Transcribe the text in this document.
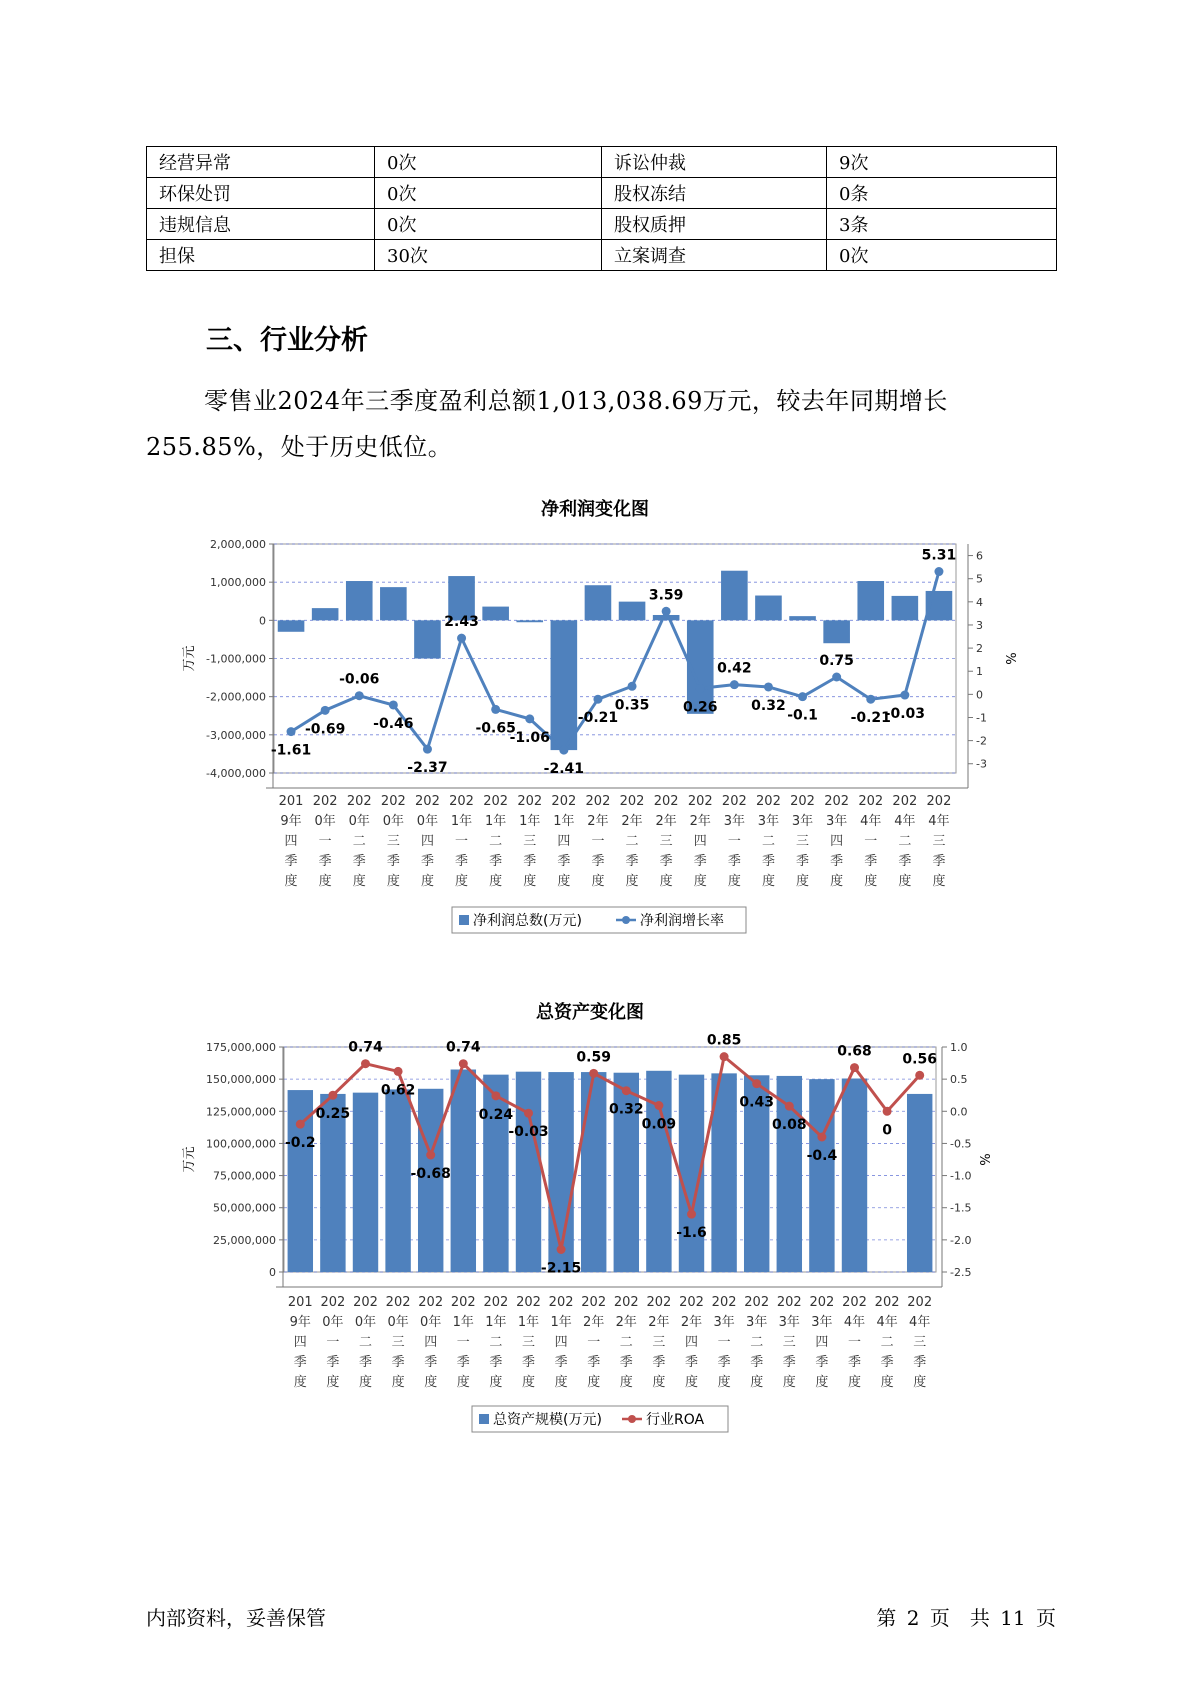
经营异常	0次	诉讼仲裁	9次
环保处罚	0次	股权冻结	0条
违规信息	0次	股权质押	3条
担保	30次	立案调查	0次
三、行业分析

零售业2024年三季度盈利总额1,013,038.69万元，较去年同期增长255.85%，处于历史低位。

净利润变化图
2,000,000
1,000,000
0
-1,000,000
-2,000,000
-3,000,000
-4,000,000
6
5
4
3
2
1
0
-1
-2
-3
万元	%
-1.61
-0.69
-0.06
-0.46
-2.37
2.43
-0.65
-1.06
-2.41
-0.21
0.35
3.59
0.26
0.42
0.32
-0.1
0.75
-0.21
-0.03
5.31
201
9年
四
季
度
202
0年
一
季
度
202
0年
二
季
度
202
0年
三
季
度
202
0年
四
季
度
202
1年
一
季
度
202
1年
二
季
度
202
1年
三
季
度
202
1年
四
季
度
202
2年
一
季
度
202
2年
二
季
度
202
2年
三
季
度
202
2年
四
季
度
202
3年
一
季
度
202
3年
二
季
度
202
3年
三
季
度
202
3年
四
季
度
202
4年
一
季
度
202
4年
二
季
度
202
4年
三
季
度
净利润总数(万元)	净利润增长率
总资产变化图
175,000,000
150,000,000
125,000,000
100,000,000
75,000,000
50,000,000
25,000,000
0
1.0
0.5
0.0
-0.5
-1.0
-1.5
-2.0
-2.5
万元	%
-0.2
0.25
0.74
0.62
-0.68
0.74
0.24
-0.03
-2.15
0.59
0.32
0.09
-1.6
0.85
0.43
0.08
-0.4
0.68
0
0.56
201
9年
四
季
度
202
0年
一
季
度
202
0年
二
季
度
202
0年
三
季
度
202
0年
四
季
度
202
1年
一
季
度
202
1年
二
季
度
202
1年
三
季
度
202
1年
四
季
度
202
2年
一
季
度
202
2年
二
季
度
202
2年
三
季
度
202
2年
四
季
度
202
3年
一
季
度
202
3年
二
季
度
202
3年
三
季
度
202
3年
四
季
度
202
4年
一
季
度
202
4年
二
季
度
202
4年
三
季
度
总资产规模(万元)	行业ROA
内部资料，妥善保管	第 2 页　共 11 页
